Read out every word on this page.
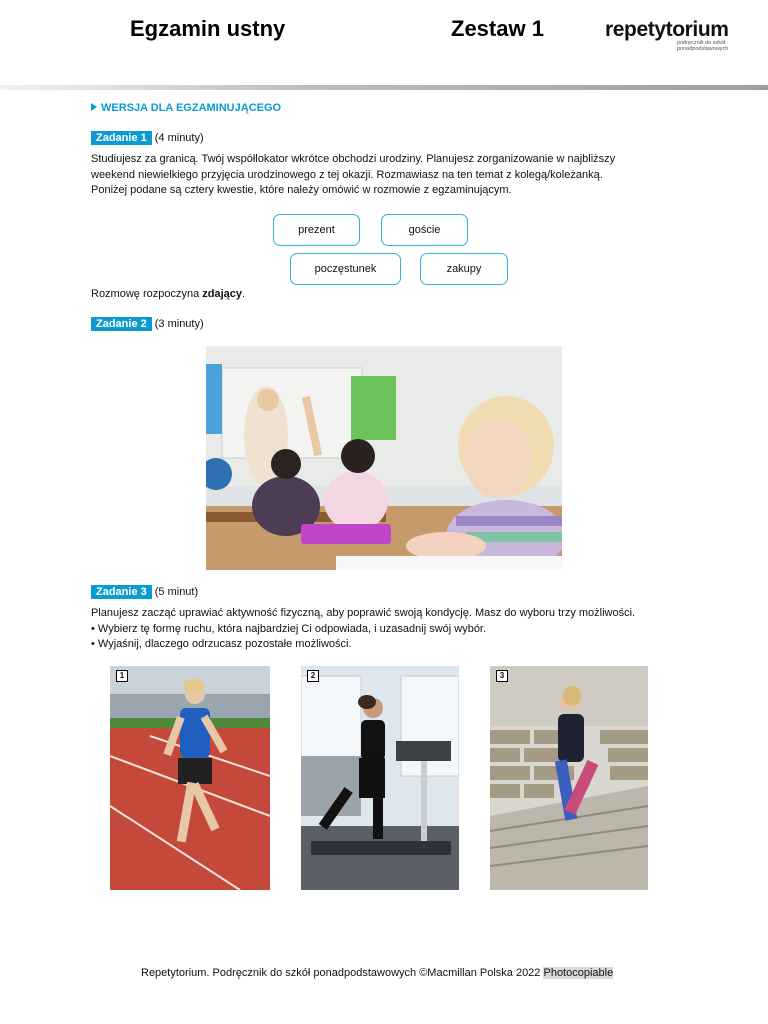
Egzamin ustny	Zestaw 1	repetytorium
podręcznik do szkół
ponadpodstawowych
WERSJA DLA EGZAMINUJĄCEGO
Zadanie 1 (4 minuty)

Studiujesz za granicą. Twój współlokator wkrótce obchodzi urodziny. Planujesz zorganizowanie w najbliższy

weekend niewielkiego przyjęcia urodzinowego z tej okazji. Rozmawiasz na ten temat z kolegą/koleżanką.

Poniżej podane są cztery kwestie, które należy omówić w rozmowie z egzaminującym.

prezent	goście
poczęstunek	zakupy
Rozmowę rozpoczyna zdający.
Zadanie 2 (3 minuty)
Zadanie 3 (5 minut)

Planujesz zacząć uprawiać aktywność fizyczną, aby poprawić swoją kondycję. Masz do wyboru trzy możliwości.

• Wybierz tę formę ruchu, która najbardziej Ci odpowiada, i uzasadnij swój wybór.

• Wyjaśnij, dlaczego odrzucasz pozostałe możliwości.

1	2	3
Repetytorium. Podręcznik do szkół ponadpodstawowych ©Macmillan Polska 2022 Photocopiable
